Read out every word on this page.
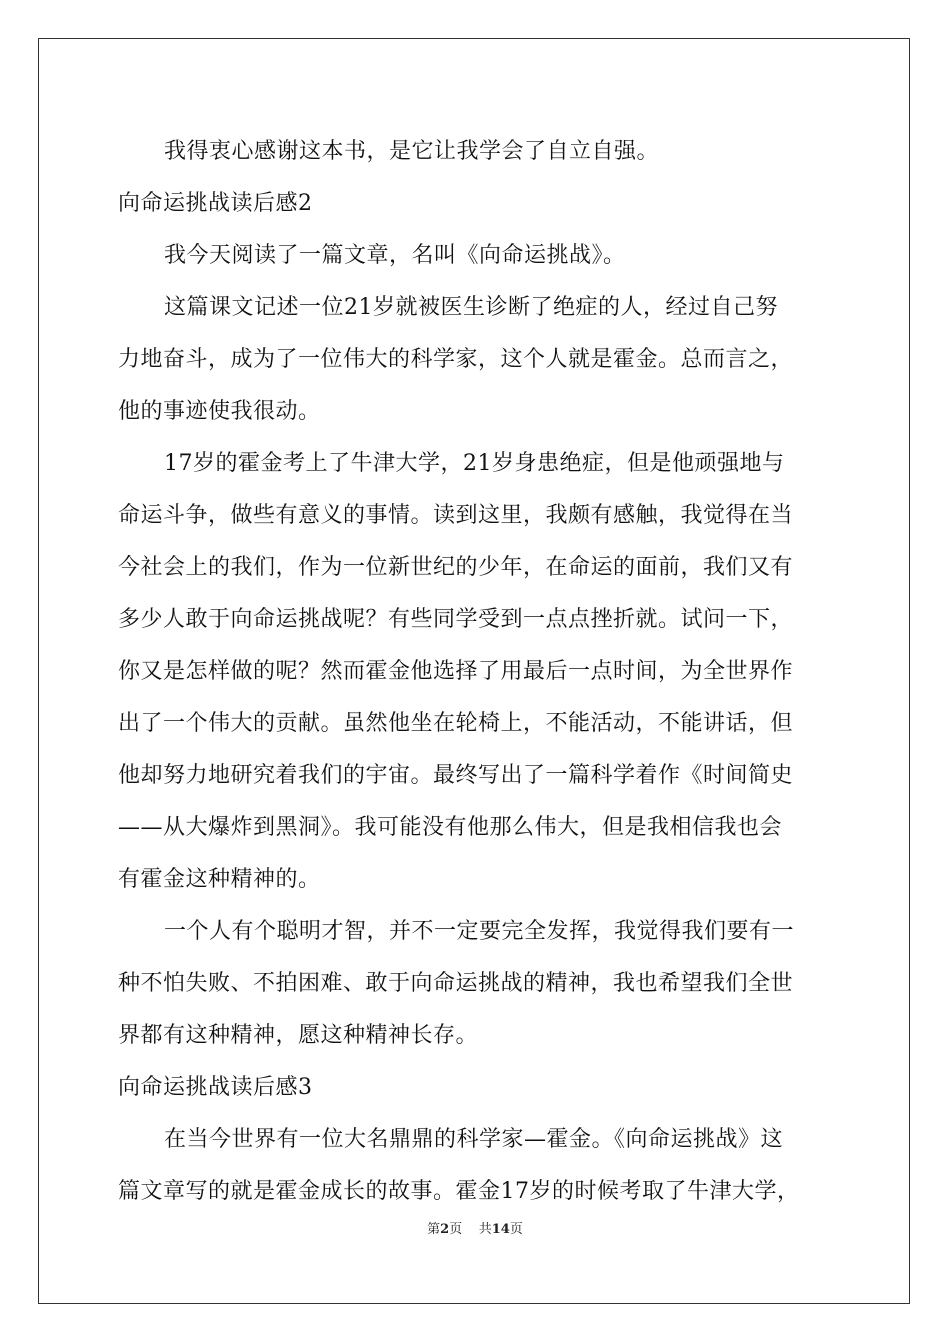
我得衷心感谢这本书，是它让我学会了自立自强。
向命运挑战读后感2
我今天阅读了一篇文章，名叫《向命运挑战》。
这篇课文记述一位21岁就被医生诊断了绝症的人，经过自己努
力地奋斗，成为了一位伟大的科学家，这个人就是霍金。总而言之，
他的事迹使我很动。
17岁的霍金考上了牛津大学，21岁身患绝症，但是他顽强地与
命运斗争，做些有意义的事情。读到这里，我颇有感触，我觉得在当
今社会上的我们，作为一位新世纪的少年，在命运的面前，我们又有
多少人敢于向命运挑战呢？有些同学受到一点点挫折就。试问一下，
你又是怎样做的呢？然而霍金他选择了用最后一点时间，为全世界作
出了一个伟大的贡献。虽然他坐在轮椅上，不能活动，不能讲话，但
他却努力地研究着我们的宇宙。最终写出了一篇科学着作《时间简史
——从大爆炸到黑洞》。我可能没有他那么伟大，但是我相信我也会
有霍金这种精神的。
一个人有个聪明才智，并不一定要完全发挥，我觉得我们要有一
种不怕失败、不拍困难、敢于向命运挑战的精神，我也希望我们全世
界都有这种精神，愿这种精神长存。
向命运挑战读后感3
在当今世界有一位大名鼎鼎的科学家—霍金。《向命运挑战》这
篇文章写的就是霍金成长的故事。霍金17岁的时候考取了牛津大学，
第2页 共14页
